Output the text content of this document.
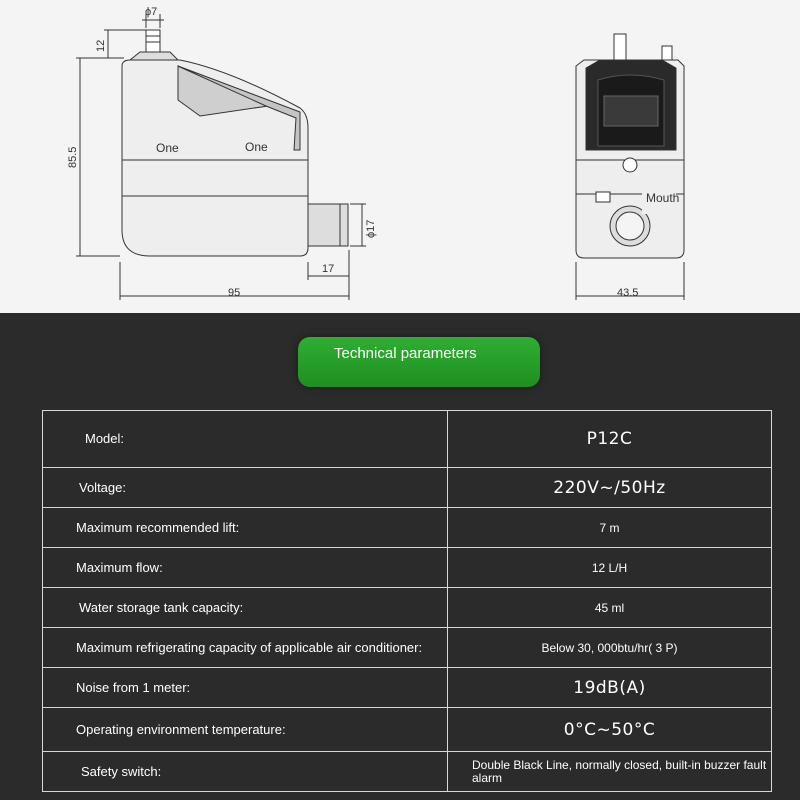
95
17
85.5
12
ϕ7
ϕ17
One	One
Mouth
43.5
Technical parameters
Model:	P12C
Voltage:	220V~/50Hz
Maximum recommended lift:	7 m
Maximum flow:	12 L/H
Water storage tank capacity:	45 ml
Maximum refrigerating capacity of applicable air conditioner:	Below 30, 000btu/hr( 3 P)
Noise from 1 meter:	19dB(A)
Operating environment temperature:	0°C~50°C
Safety switch:	Double Black Line, normally closed, built-in buzzer fault alarm
